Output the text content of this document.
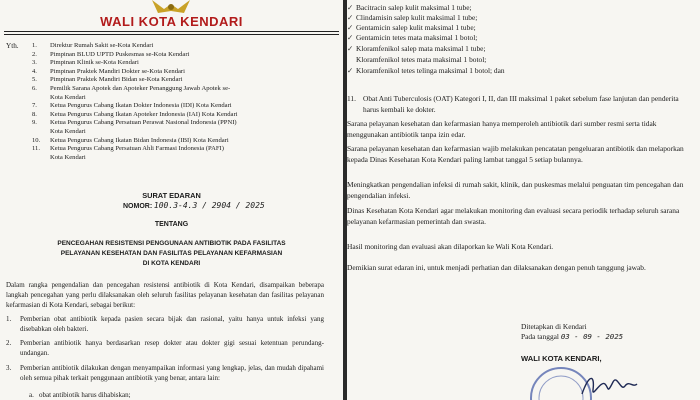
WALI KOTA KENDARI
Yth. 1.	Direktur Rumah Sakit se-Kota Kendari
2.	Pimpinan BLUD UPTD Puskesmas se-Kota Kendari
3.	Pimpinan Klinik se-Kota Kendari
4.	Pimpinan Praktek Mandiri Dokter se-Kota Kendari
5.	Pimpinan Praktek Mandiri Bidan se-Kota Kendari
6.	Pemilik Sarana Apotek dan Apoteker Penanggung Jawab Apotek se-
Kota Kendari
7.	Ketua Pengurus Cabang Ikatan Dokter Indonesia (IDI) Kota Kendari
8.	Ketua Pengurus Cabang Ikatan Apoteker Indonesia (IAI) Kota Kendari
9.	Ketua Pengurus Cabang Persatuan Perawat Nasional Indonesia (PPNI)
Kota Kendari
10.	Ketua Pengurus Cabang Ikatan Bidan Indonesia (IBI) Kota Kendari
11.	Ketua Pengurus Cabang Persatuan Ahli Farmasi Indonesia (PAFI)
Kota Kendari
SURAT EDARAN
NOMOR: 100.3-4.3 / 2904 / 2025
TENTANG
PENCEGAHAN RESISTENSI PENGGUNAAN ANTIBIOTIK PADA FASILITAS
PELAYANAN KESEHATAN DAN FASILITAS PELAYANAN KEFARMASIAN
DI KOTA KENDARI
Dalam rangka pengendalian dan pencegahan resistensi antibiotik di Kota Kendari, disampaikan beberapa langkah pencegahan yang perlu dilaksanakan oleh seluruh fasilitas pelayanan kesehatan dan fasilitas pelayanan kefarmasian di Kota Kendari, sebagai berikut:
1.	Pemberian obat antibiotik kepada pasien secara bijak dan rasional, yaitu hanya untuk infeksi yang disebabkan oleh bakteri.
2.	Pemberian antibiotik hanya berdasarkan resep dokter atau dokter gigi sesuai ketentuan perundang-undangan.
3.	Pemberian antibiotik dilakukan dengan menyampaikan informasi yang lengkap, jelas, dan mudah dipahami oleh semua pihak terkait penggunaan antibiotik yang benar, antara lain:
a. obat antibiotik harus dihabiskan;
✓ Bacitracin salep kulit maksimal 1 tube;
✓ Clindamisin salep kulit maksimal 1 tube;
✓ Gentamicin salep kulit maksimal 1 tube;
✓ Gentamicin tetes mata maksimal 1 botol;
✓ Kloramfenikol salep mata maksimal 1 tube;
Kloramfenikol tetes mata maksimal 1 botol;
✓ Kloramfenikol tetes telinga maksimal 1 botol; dan
11. Obat Anti Tuberculosis (OAT) Kategori I, II, dan III maksimal 1 paket sebelum fase lanjutan dan penderita harus kembali ke dokter.
Sarana pelayanan kesehatan dan kefarmasian hanya memperoleh antibiotik dari sumber resmi serta tidak menggunakan antibiotik tanpa izin edar.
Sarana pelayanan kesehatan dan kefarmasian wajib melakukan pencatatan pengeluaran antibiotik dan melaporkan kepada Dinas Kesehatan Kota Kendari paling lambat tanggal 5 setiap bulannya.
Meningkatkan pengendalian infeksi di rumah sakit, klinik, dan puskesmas melalui penguatan tim pencegahan dan pengendalian infeksi.
Dinas Kesehatan Kota Kendari agar melakukan monitoring dan evaluasi secara periodik terhadap seluruh sarana pelayanan kefarmasian pemerintah dan swasta.
Hasil monitoring dan evaluasi akan dilaporkan ke Wali Kota Kendari.
Demikian surat edaran ini, untuk menjadi perhatian dan dilaksanakan dengan penuh tanggung jawab.
Ditetapkan di Kendari
Pada tanggal 03 - 09 - 2025
WALI KOTA KENDARI,
